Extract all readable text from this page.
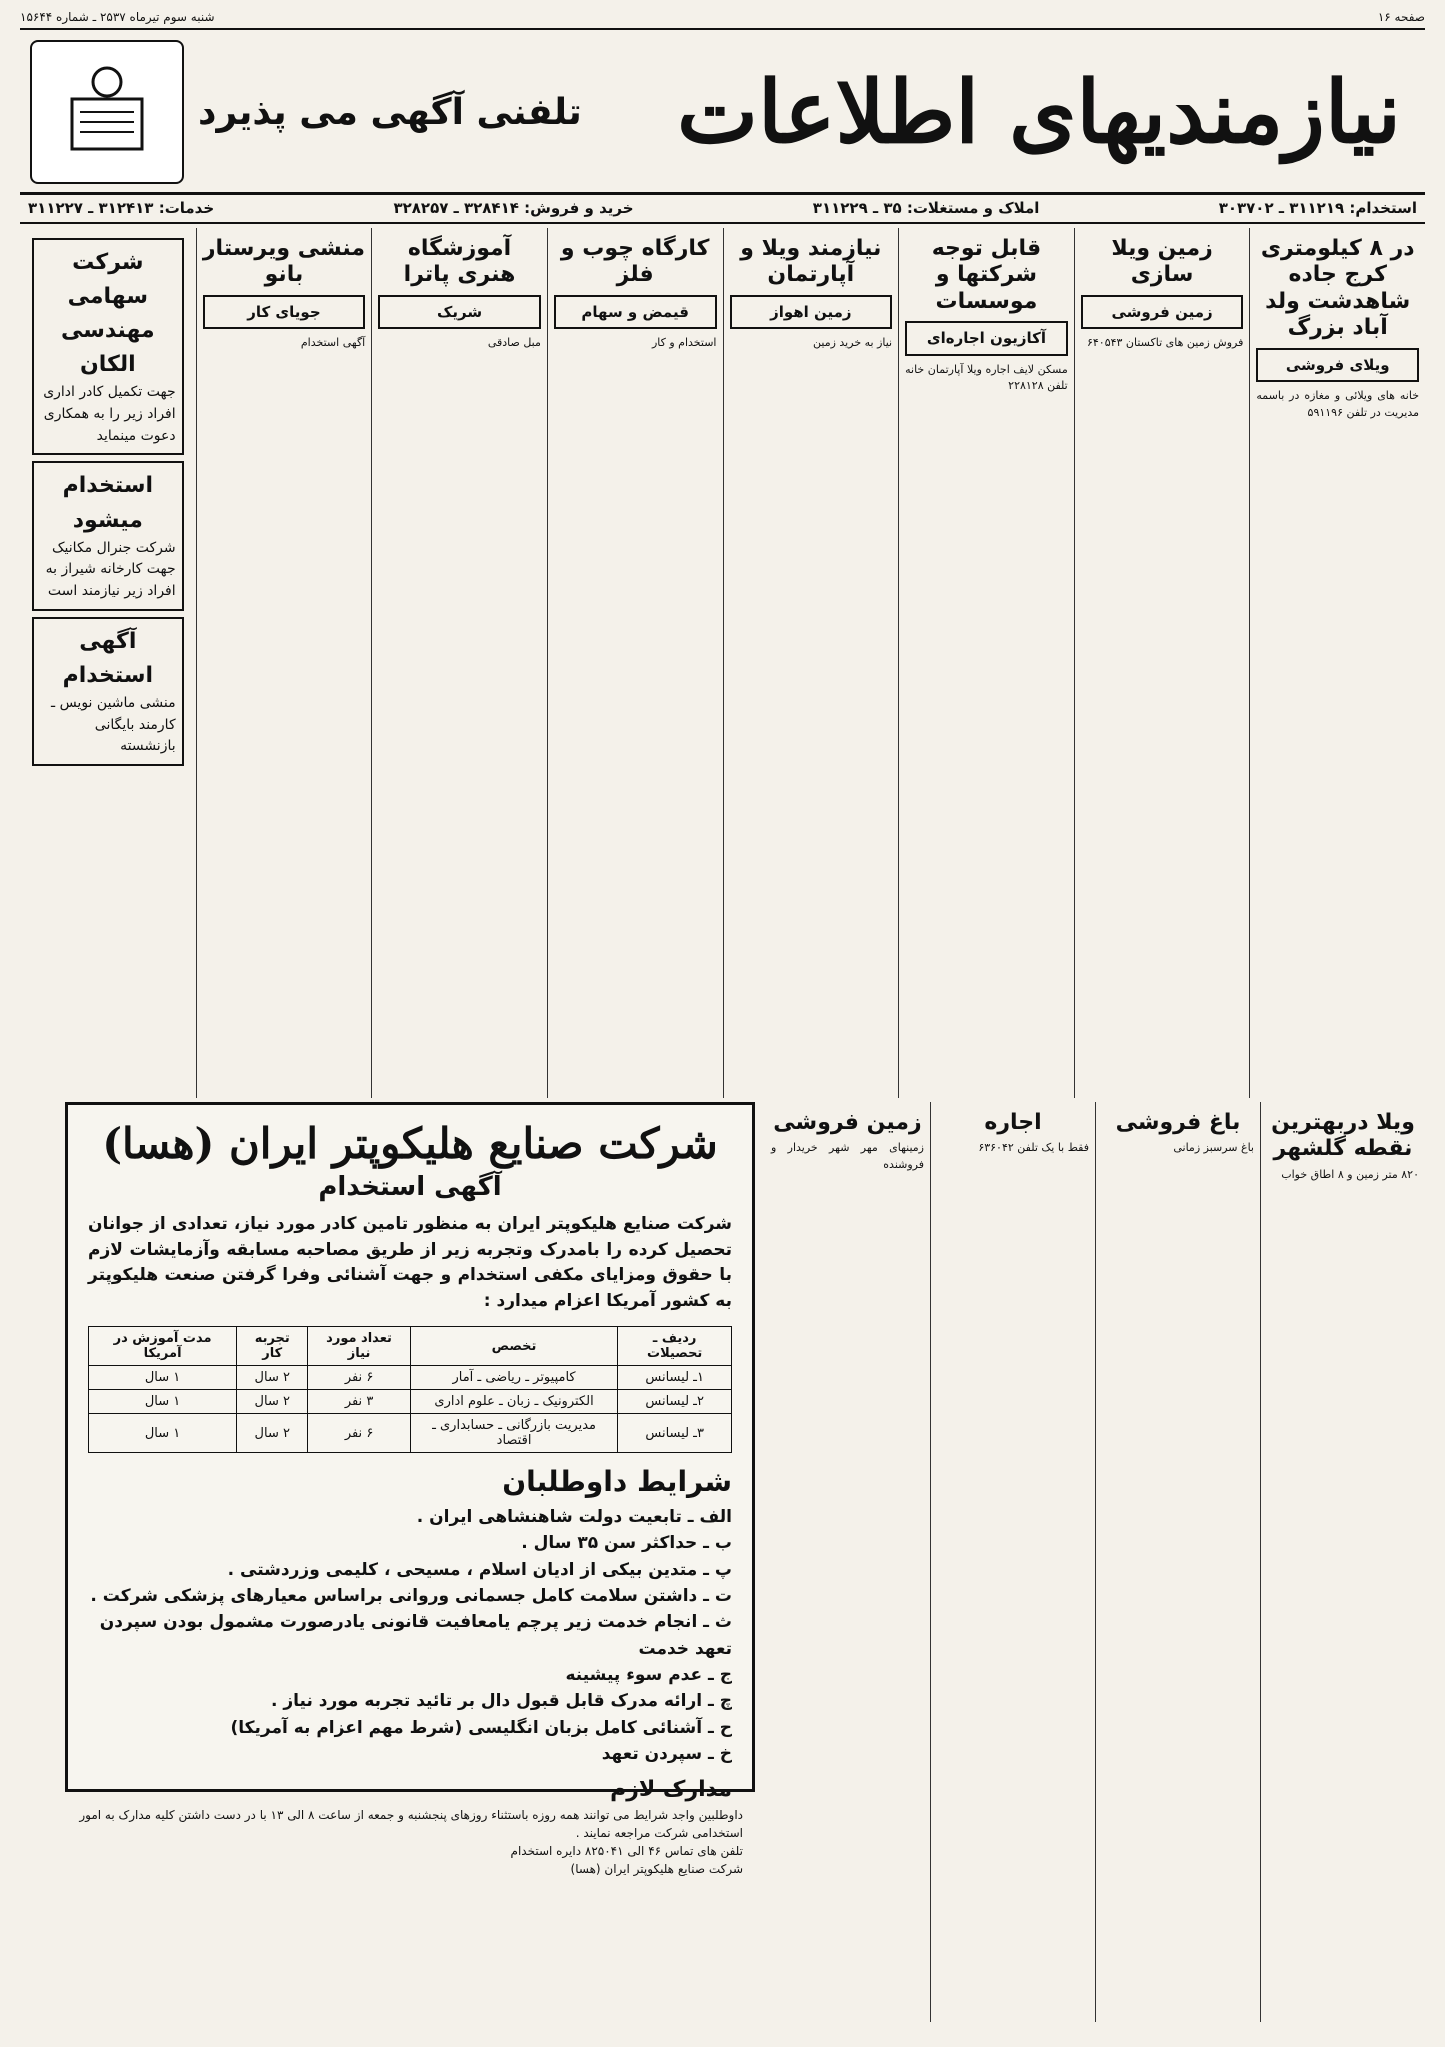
صفحه ۱۶
شنبه سوم تیرماه ۲۵۳۷ ـ شماره ۱۵۶۴۴
نیازمندیهای اطلاعات
تلفنی آگهی می پذیرد
استخدام: ۳۱۱۲۱۹ ـ ۳۰۳۷۰۲
املاک و مستغلات: ۳۵ ـ ۳۱۱۲۲۹
خرید و فروش: ۳۲۸۴۱۴ ـ ۳۲۸۲۵۷
خدمات: ۳۱۲۴۱۳ ـ ۳۱۱۲۲۷
در ۸ کیلومتری کرج جاده شاهدشت ولد آباد بزرگ
ویلای فروشی

خانه های ویلائی و مغازه در باسمه مدیریت در تلفن ۵۹۱۱۹۶

زمین ویلا سازی
زمین فروشی

فروش زمین های تاکستان ۶۴۰۵۴۳

قابل توجه شرکتها و موسسات
آکازیون اجاره‌ای

مسکن لایف اجاره ویلا آپارتمان خانه تلفن ۲۲۸۱۲۸

نیازمند ویلا و آپارتمان
زمین اهواز

نیاز به خرید زمین

کارگاه چوب و فلز
قیمض و سهام

استخدام و کار

آموزشگاه هنری پاترا
شریک

مبل صادقی

منشی ویرستار بانو
جویای کار

آگهی استخدام

شرکت سهامی مهندسی الکان
جهت تکمیل کادر اداری افراد زیر را به همکاری دعوت مینماید
استخدام میشود
شرکت جنرال مکانیک جهت کارخانه شیراز به افراد زیر نیازمند است
آگهی استخدام
منشی ماشین نویس ـ کارمند بایگانی بازنشسته
ویلا دربهترین نقطه گلشهر

۸۲۰ متر زمین و ۸ اطاق خواب

باغ فروشی

باغ سرسبز زمانی

اجاره

فقط با یک تلفن ۶۳۶۰۴۲

زمین فروشی

زمینهای مهر شهر خریدار و فروشنده

شرکت صنایع هلیکوپتر ایران (هسا)
آگهی استخدام
شرکت صنایع هلیکوپتر ایران به منظور تامین کادر مورد نیاز، تعدادی از جوانان تحصیل کرده را بامدرک وتجربه زیر از طریق مصاحبه مسابقه وآزمایشات لازم با حقوق ومزایای مکفی استخدام و جهت آشنائی وفرا گرفتن صنعت هلیکوپتر به کشور آمریکا اعزام میدارد :
ردیف ـ تحصیلات	تخصص	تعداد مورد نیاز	تجربه کار	مدت آموزش در آمریکا
۱ـ لیسانس	کامپیوتر ـ ریاضی ـ آمار	۶ نفر	۲ سال	۱ سال
۲ـ لیسانس	الکترونیک ـ زبان ـ علوم اداری	۳ نفر	۲ سال	۱ سال
۳ـ لیسانس	مدیریت بازرگانی ـ حسابداری ـ اقتصاد	۶ نفر	۲ سال	۱ سال
شرایط داوطلبان
الف ـ تابعیت دولت شاهنشاهی ایران .
ب ـ حداکثر سن ۳۵ سال .
پ ـ متدین بیکی از ادیان اسلام ، مسیحی ، کلیمی وزردشتی .
ت ـ داشتن سلامت کامل جسمانی وروانی براساس معیارهای پزشکی شرکت .
ث ـ انجام خدمت زیر پرچم یامعافیت قانونی یادرصورت مشمول بودن سپردن تعهد خدمت
ج ـ عدم سوء پیشینه
چ ـ ارائه مدرک قابل قبول دال بر تائید تجربه مورد نیاز .
ح ـ آشنائی کامل بزبان انگلیسی (شرط مهم اعزام به آمریکا)
خ ـ سپردن تعهد
مدارک لازم
داوطلبین واجد شرایط می توانند همه روزه باستثناء روزهای پنجشنبه و جمعه از ساعت ۸ الی ۱۳ با در دست داشتن کلیه مدارک به امور استخدامی شرکت مراجعه نمایند .
تلفن های تماس ۴۶ الی ۸۲۵۰۴۱ دایره استخدام
شرکت صنایع هلیکوپتر ایران (هسا)
